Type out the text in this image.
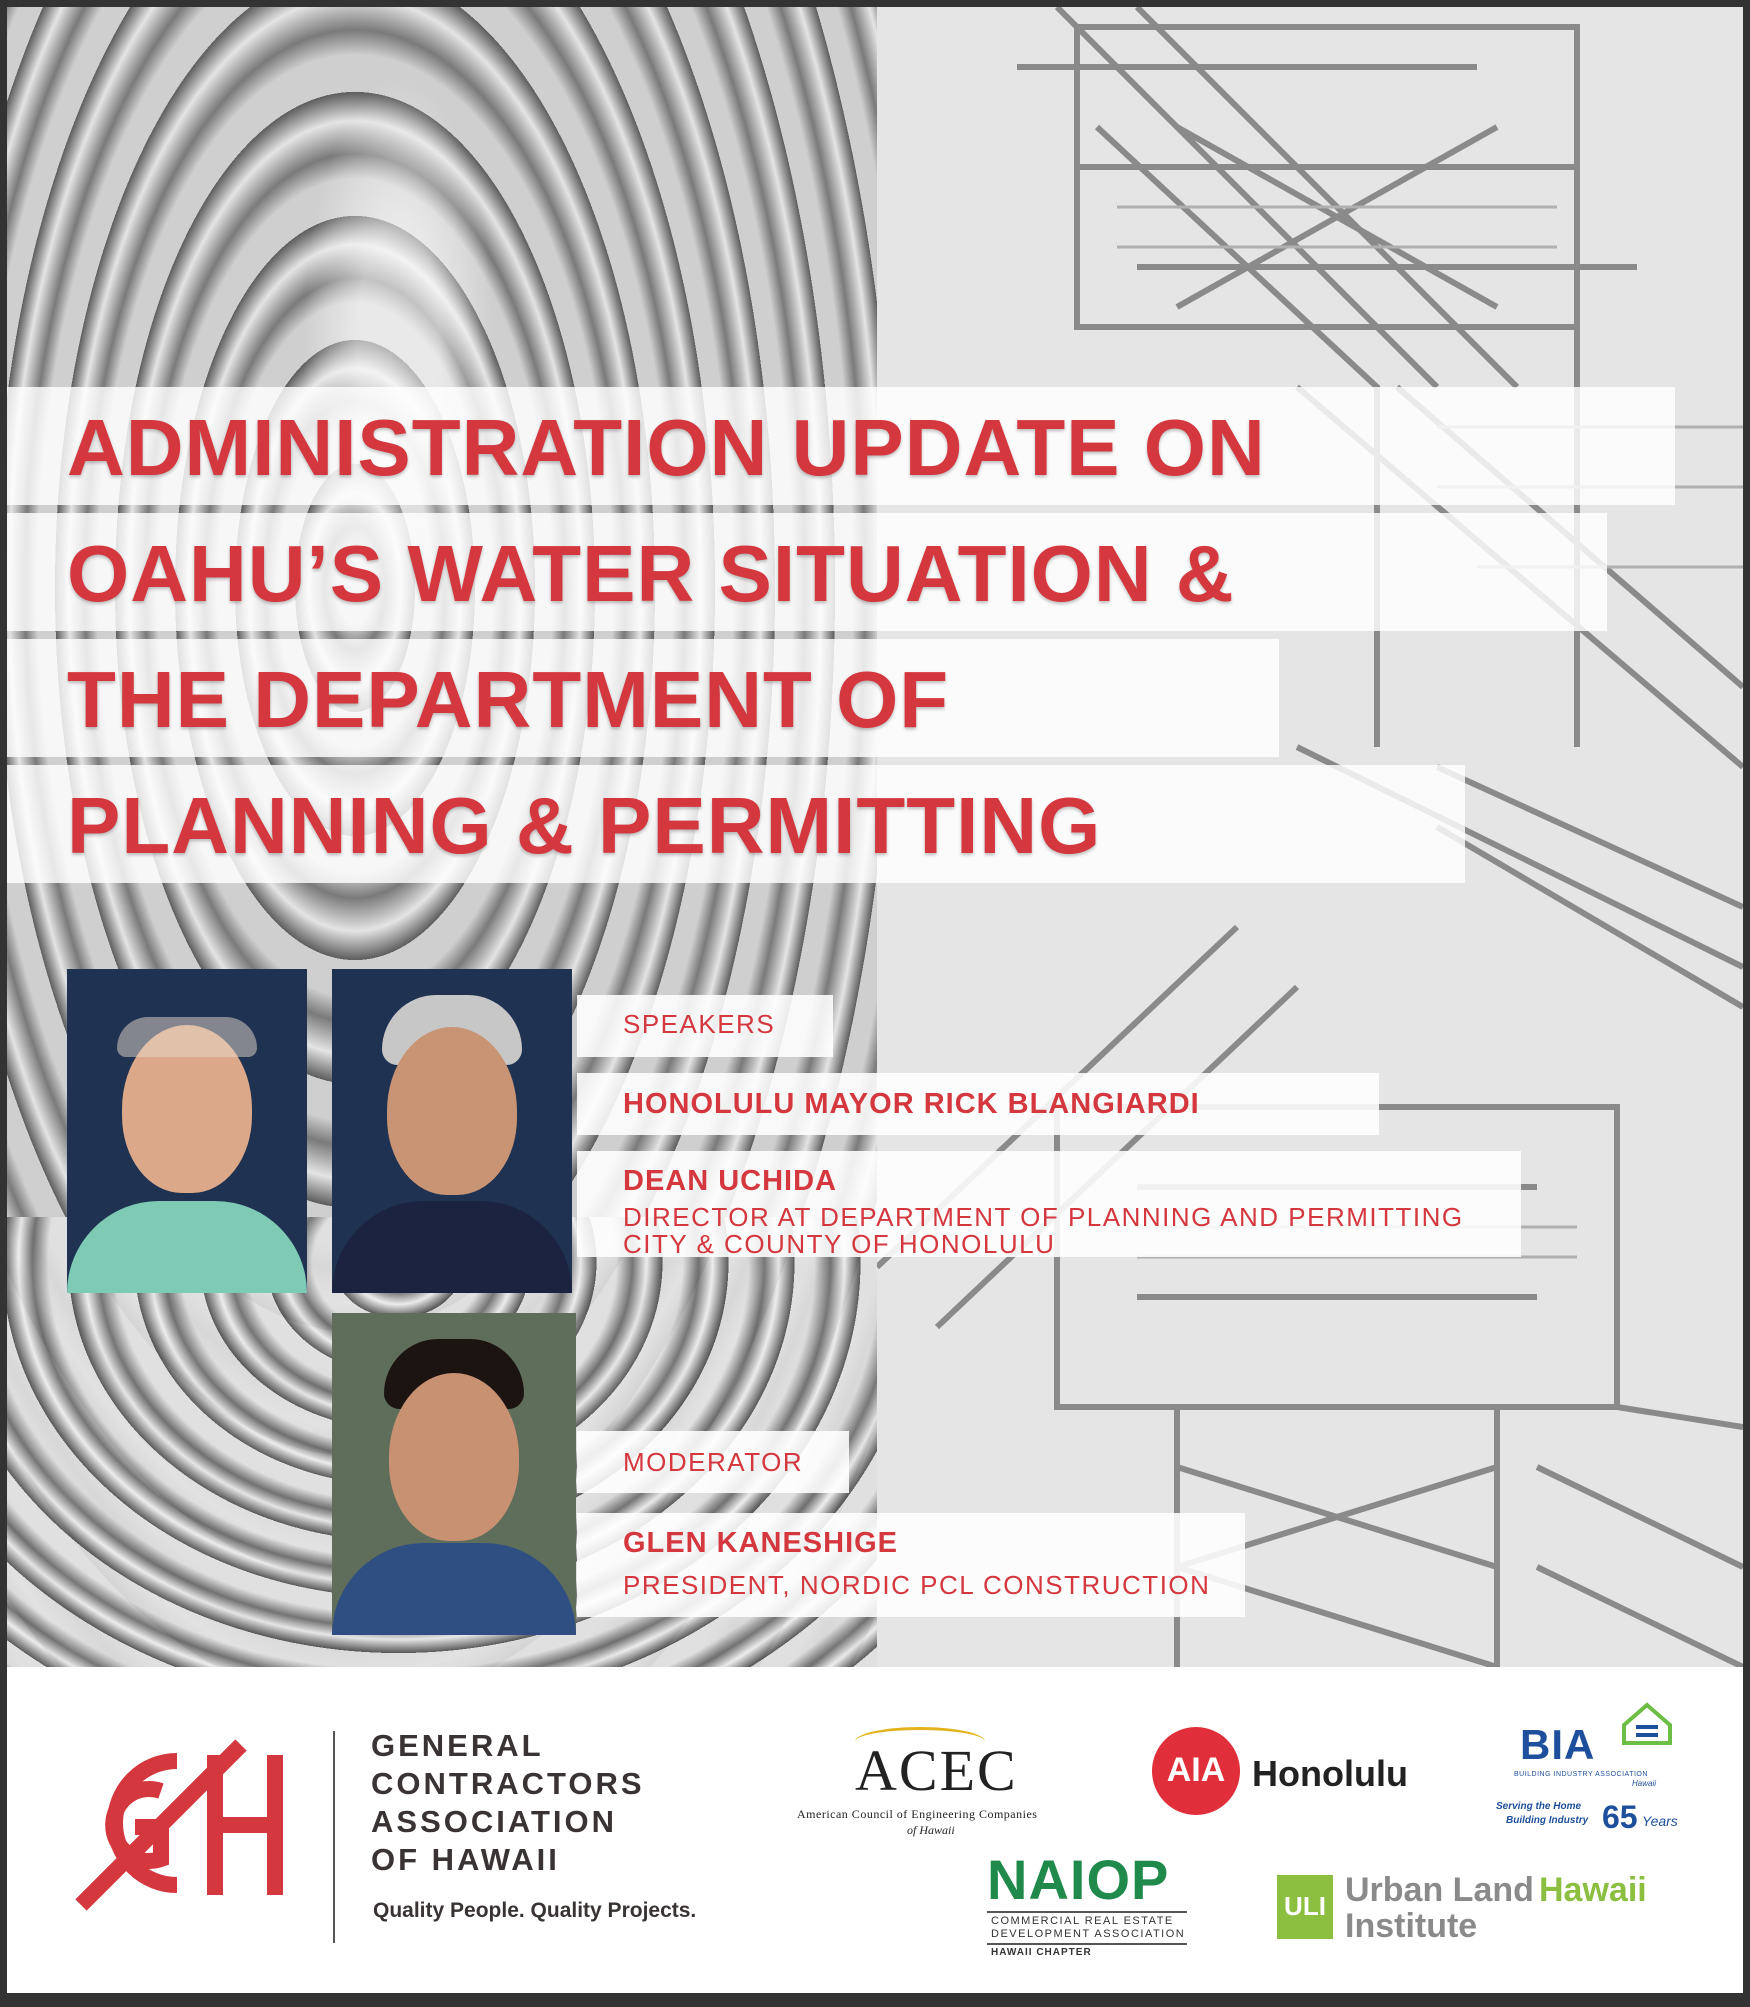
ADMINISTRATION UPDATE ON
OAHU’S WATER SITUATION &
THE DEPARTMENT OF
PLANNING & PERMITTING
SPEAKERS
HONOLULU MAYOR RICK BLANGIARDI
DEAN UCHIDA
DIRECTOR AT DEPARTMENT OF PLANNING AND PERMITTING
CITY & COUNTY OF HONOLULU
MODERATOR
GLEN KANESHIGE
PRESIDENT, NORDIC PCL CONSTRUCTION
GENERAL
CONTRACTORS
ASSOCIATION
OF HAWAII
Quality People. Quality Projects.
ACEC
American Council of Engineering Companies
of Hawaii
AIA Honolulu
BIA
BUILDING INDUSTRY ASSOCIATION
Hawaii
Serving the Home
Building Industry 65 Years
NAIOP
COMMERCIAL REAL ESTATE
DEVELOPMENT ASSOCIATION
HAWAII CHAPTER
ULI Urban Land
Institute
Hawaii
